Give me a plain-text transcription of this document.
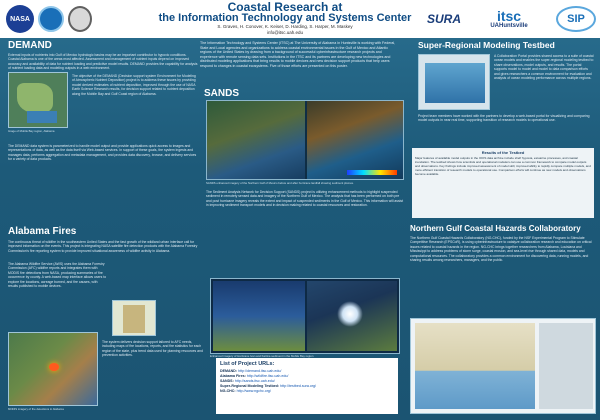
NASA
Coastal Research at
the Information Technology and Systems Center
S. Graves, H. Conover, K. Keiser, D. Harding, S. Harper, M. Maskey
info@itsc.uah.edu
SURA	itsc
UAHuntsville
SIP
The Information Technology and Systems Center (ITSC) at The University of Alabama in Huntsville is working with Federal, State and Local agencies and organizations to address coastal environmental issues in the Gulf of Mexico and Atlantic regions of the United States by drawing from a background of successful cyberinfrastructure research projects and experience with remote sensing data sets. Institutions in the ITSC and its partners are developing new technologies and distributed modeling applications that bring results to mobile devices and new decision support products that help users respond to changes in coastal ecosystems. Five of those efforts are presented on this poster.
DEMAND
External inputs of nutrients into Gulf of Mexico hydrologic basins may be an important contributor to hypoxic conditions. Coastal Alabama is one of the areas most affected. Assessment and management of nutrient inputs depend on improved accuracy and availability of data for nutrient loading and predictive model results. DEMAND provides the capability for analysis of nutrient loading data and modeling outputs in a web environment.
Image of Mobile Bay region, Alabama
The objective of the DEMAND (Decision support system Environment for Modeling of Atmospheric Nutrient Deposition) project is to address these issues by providing model derived estimates of nutrient deposition, improved through the use of NASA Earth Science Research results, for decision support related to nutrient deposition along the Mobile Bay and Gulf Coast region of Alabama.
The DEMAND data system is parameterized to handle model output and provide applications quick access to images and representations of data, as well as the data itself via Web-based services. In support of these goals, the system ingests and manages data, performs aggregation and metadata management, and provides data discovery, browse, and delivery services for a variety of data products.
SANDS
SANDS enhanced imagery of the Northern Gulf of Mexico before and after hurricane landfall showing sediment plumes.
The Sediment Analysis Network for Decision Support (SANDS) project is utilizing enhancement methods to highlight suspended sediment in remotely sensed data and imagery of the Northern Gulf of Mexico. The analysis that has been performed on both pre and post hurricane imagery reveals the extent and impact of suspended sediments in the Gulf of Mexico. This information will assist in improving sediment transport models and in decision making related to coastal resources and restoration.
Super-Regional Modeling Testbed
A Collaboration Portal provides shared access to a suite of coastal ocean models and enables the super-regional modeling testbed to share observations, model outputs, and results. The portal supports model to model and model to data comparison efforts and gives researchers a common environment for evaluation and analysis of ocean modeling performance across multiple regions.
Project team members have worked with the partners to develop a web-based portal for visualizing and comparing model outputs in near real time, supporting transition of research models to operational use.
Results of the Testbed
Major features of available model outputs in the IOOS data archive include shelf hypoxia, estuarine processes, and coastal inundation. The testbed shows how scientists and operational modelers can use a common framework to compare model outputs and observations. Key findings include improved assessment of model skill, improved ability to rapidly compare multiple models, and more efficient transition of research models to operational use. Comparison efforts will continue as new models and observations become available.
Alabama Fires
The continuous threat of wildfire in the southeastern United States and the fast growth of the wildland urban interface call for improved information on fire events. This project is integrating NASA satellite fire detection products with the Alabama Forestry Commission's fire reporting system to provide improved situational awareness of wildfire activity in Alabama.
The Alabama Wildfire Service (AWS) uses the Alabama Forestry Commission (AFC) wildfire reports and integrates them with MODIS fire detections from NASA, producing summaries of fire occurrence by county. A web-based map interface allows users to explore fire locations, acreage burned, and fire causes, with results published to mobile devices.
MODIS imagery of fire detections in Alabama
The system delivers decision support tailored to AFC needs, including maps of fire locations, reports, and fire statistics for each region of the state, plus trend data used for planning resources and prevention activities.	Enhanced imagery of Hurricane Ivan and Katrina sediment in the Mobile Bay region
List of Project URLs:
DEMAND: http://demand.itsc.uah.edu/
Alabama Fires: http://wildfire.itsc.uah.edu/
SANDS: http://sands.itsc.uah.edu/
Super-Regional Modeling Testbed: http://testbed.sura.org/
NG-CHC: http://www.ngchc.org/
Northern Gulf Coastal Hazards Collaboratory
The Northern Gulf Coastal Hazards Collaboratory (NG-CHC), funded by the NSF Experimental Program to Stimulate Competitive Research (EPSCoR), is using cyberinfrastructure to catalyze collaboration research and education on critical issues related to coastal hazards in the region. NG-CHC brings together researchers from Alabama, Louisiana and Mississippi to address problems of storm surge, coastal erosion, and sea-level rise through shared data, models and computational resources. The collaboratory provides a common environment for discovering data, running models, and sharing results among researchers, managers, and the public.
